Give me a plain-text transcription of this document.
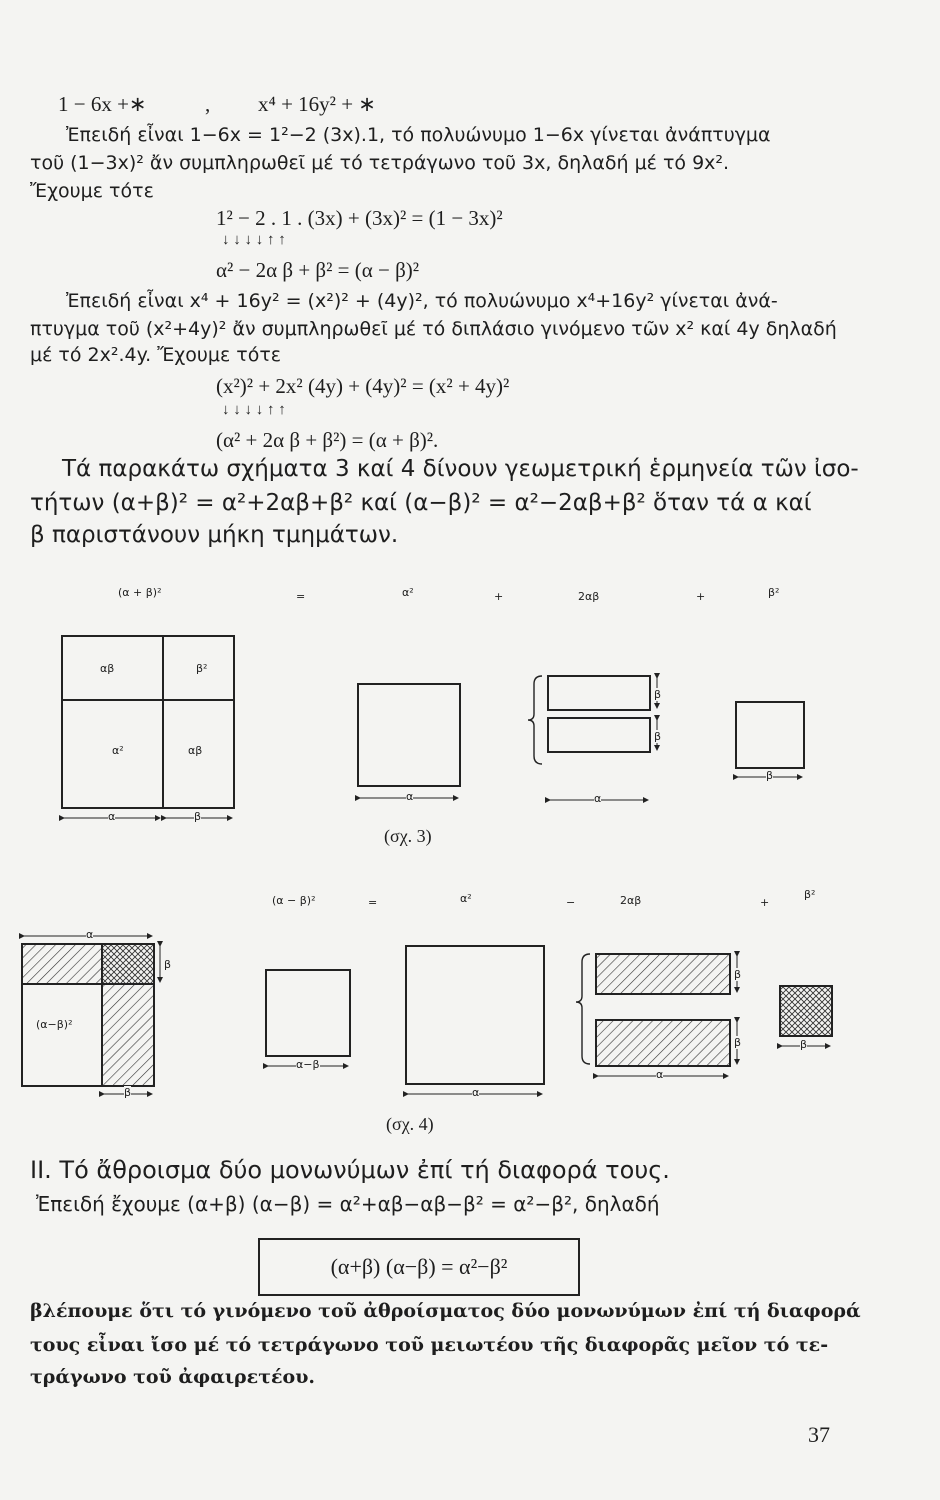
1 − 6x +∗	, x⁴ + 16y² + ∗
Ἐπειδή εἶναι 1−6x = 1²−2 (3x).1, τό πολυώνυμο 1−6x γίνεται ἀνάπτυγμα
τοῦ (1−3x)² ἄν συμπληρωθεῖ μέ τό τετράγωνο τοῦ 3x, δηλαδή μέ τό 9x².
Ἔχουμε τότε
1² − 2 . 1 . (3x) + (3x)² = (1 − 3x)²
↓ ↓ ↓ ↓ ↑ ↑
α² − 2α β + β² = (α − β)²
Ἐπειδή εἶναι x⁴ + 16y² = (x²)² + (4y)², τό πολυώνυμο x⁴+16y² γίνεται ἀνά-
πτυγμα τοῦ (x²+4y)² ἄν συμπληρωθεῖ μέ τό διπλάσιο γινόμενο τῶν x² καί 4y δηλαδή
μέ τό 2x².4y. Ἔχουμε τότε
(x²)² + 2x² (4y) + (4y)² = (x² + 4y)²
↓ ↓ ↓ ↓ ↑ ↑
(α² + 2α β + β²) = (α + β)².
Τά παρακάτω σχήματα 3 καί 4 δίνουν γεωμετρική ἑρμηνεία τῶν ἰσο-
τήτων (α+β)² = α²+2αβ+β² καί (α−β)² = α²−2αβ+β² ὅταν τά α καί
β παριστάνουν μήκη τμημάτων.
(α + β)²	=	α²	+	2αβ	+	β²
αβ	β²
α²	αβ
α	β
α
β
β
α
β
(σχ. 3)
(α − β)²	=	α²	−	2αβ	+
β²
α
β
(α−β)²
β
α−β
α
β
β
α
β
(σχ. 4)
ΙΙ. Τό ἄθροισμα δύο μονωνύμων ἐπί τή διαφορά τους.
Ἐπειδή ἔχουμε (α+β) (α−β) = α²+αβ−αβ−β² = α²−β², δηλαδή
(α+β) (α−β) = α²−β²
βλέπουμε ὅτι τό γινόμενο τοῦ ἀθροίσματος δύο μονωνύμων ἐπί τή διαφορά
τους εἶναι ἴσο μέ τό τετράγωνο τοῦ μειωτέου τῆς διαφορᾶς μεῖον τό τε-
τράγωνο τοῦ ἀφαιρετέου.
37
